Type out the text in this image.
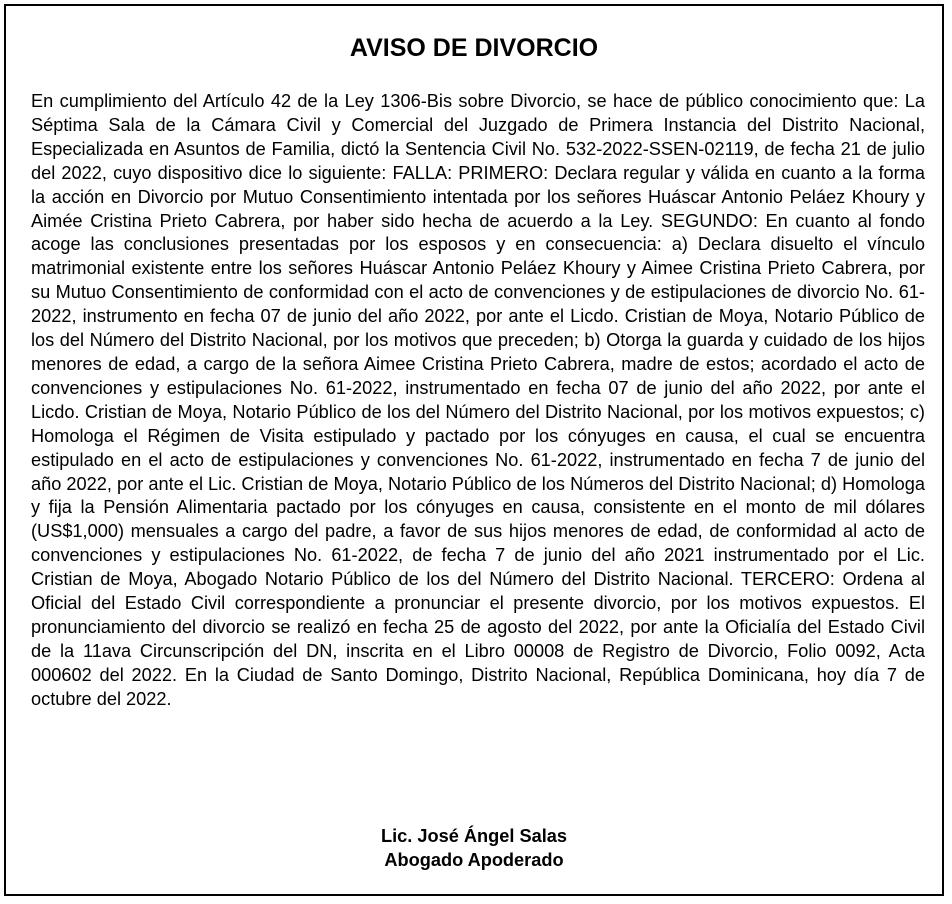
AVISO DE DIVORCIO

En cumplimiento del Artículo 42 de la Ley 1306-Bis sobre Divorcio, se hace de público conocimiento que: La Séptima Sala de la Cámara Civil y Comercial del Juzgado de Primera Instancia del Distrito Nacional, Especializada en Asuntos de Familia, dictó la Sentencia Civil No. 532-2022-SSEN-02119, de fecha 21 de julio del 2022, cuyo dispositivo dice lo siguiente: FALLA: PRIMERO: Declara regular y válida en cuanto a la forma la acción en Divorcio por Mutuo Consentimiento intentada por los señores Huáscar Antonio Peláez Khoury y Aimée Cristina Prieto Cabrera, por haber sido hecha de acuerdo a la Ley. SEGUNDO: En cuanto al fondo acoge las conclusiones presentadas por los esposos y en consecuencia: a) Declara disuelto el vínculo matrimonial existente entre los señores Huáscar Antonio Peláez Khoury y Aimee Cristina Prieto Cabrera, por su Mutuo Consentimiento de conformidad con el acto de convenciones y de estipulaciones de divorcio No. 61-2022, instrumento en fecha 07 de junio del año 2022, por ante el Licdo. Cristian de Moya, Notario Público de los del Número del Distrito Nacional, por los motivos que preceden; b) Otorga la guarda y cuidado de los hijos menores de edad, a cargo de la señora Aimee Cristina Prieto Cabrera, madre de estos; acordado el acto de convenciones y estipulaciones No. 61-2022, instrumentado en fecha 07 de junio del año 2022, por ante el Licdo. Cristian de Moya, Notario Público de los del Número del Distrito Nacional, por los motivos expuestos; c) Homologa el Régimen de Visita estipulado y pactado por los cónyuges en causa, el cual se encuentra estipulado en el acto de estipulaciones y convenciones No. 61-2022, instrumentado en fecha 7 de junio del año 2022, por ante el Lic. Cristian de Moya, Notario Público de los Números del Distrito Nacional; d) Homologa y fija la Pensión Alimentaria pactado por los cónyuges en causa, consistente en el monto de mil dólares (US$1,000) mensuales a cargo del padre, a favor de sus hijos menores de edad, de conformidad al acto de convenciones y estipulaciones No. 61-2022, de fecha 7 de junio del año 2021 instrumentado por el Lic. Cristian de Moya, Abogado Notario Público de los del Número del Distrito Nacional. TERCERO: Ordena al Oficial del Estado Civil correspondiente a pronunciar el presente divorcio, por los motivos expuestos. El pronunciamiento del divorcio se realizó en fecha 25 de agosto del 2022, por ante la Oficialía del Estado Civil de la 11ava Circunscripción del DN, inscrita en el Libro 00008 de Registro de Divorcio, Folio 0092, Acta 000602 del 2022. En la Ciudad de Santo Domingo, Distrito Nacional, República Dominicana, hoy día 7 de octubre del 2022.

Lic. José Ángel Salas
Abogado Apoderado
